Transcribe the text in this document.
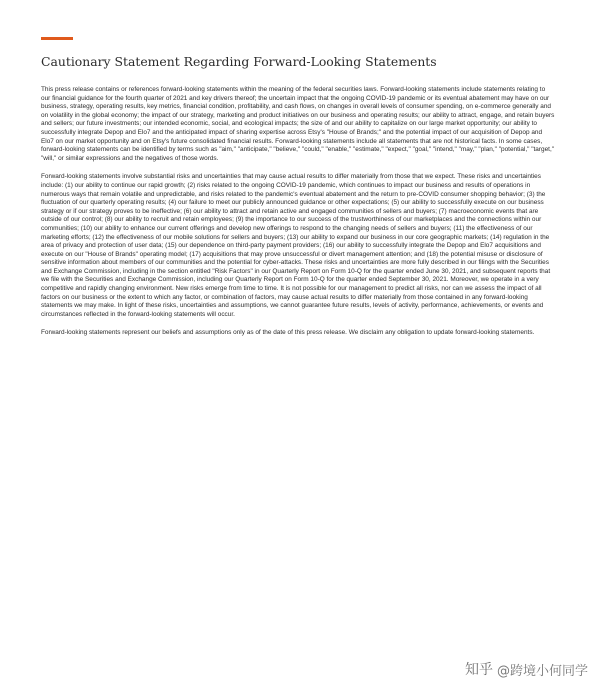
Cautionary Statement Regarding Forward-Looking Statements

This press release contains or references forward-looking statements within the meaning of the federal securities laws. Forward-looking statements include statements relating to our financial guidance for the fourth quarter of 2021 and key drivers thereof; the uncertain impact that the ongoing COVID-19 pandemic or its eventual abatement may have on our business, strategy, operating results, key metrics, financial condition, profitability, and cash flows, on changes in overall levels of consumer spending, on e-commerce generally and on volatility in the global economy; the impact of our strategy, marketing and product initiatives on our business and operating results; our ability to attract, engage, and retain buyers and sellers; our future investments; our intended economic, social, and ecological impacts; the size of and our ability to capitalize on our large market opportunity; our ability to successfully integrate Depop and Elo7 and the anticipated impact of sharing expertise across Etsy's "House of Brands;" and the potential impact of our acquisition of Depop and Elo7 on our market opportunity and on Etsy's future consolidated financial results. Forward-looking statements include all statements that are not historical facts. In some cases, forward-looking statements can be identified by terms such as "aim," "anticipate," "believe," "could," "enable," "estimate," "expect," "goal," "intend," "may," "plan," "potential," "target," "will," or similar expressions and the negatives of those words.

Forward-looking statements involve substantial risks and uncertainties that may cause actual results to differ materially from those that we expect. These risks and uncertainties include: (1) our ability to continue our rapid growth; (2) risks related to the ongoing COVID-19 pandemic, which continues to impact our business and results of operations in numerous ways that remain volatile and unpredictable, and risks related to the pandemic's eventual abatement and the return to pre-COVID consumer shopping behavior; (3) the fluctuation of our quarterly operating results; (4) our failure to meet our publicly announced guidance or other expectations; (5) our ability to successfully execute on our business strategy or if our strategy proves to be ineffective; (6) our ability to attract and retain active and engaged communities of sellers and buyers; (7) macroeconomic events that are outside of our control; (8) our ability to recruit and retain employees; (9) the importance to our success of the trustworthiness of our marketplaces and the connections within our communities; (10) our ability to enhance our current offerings and develop new offerings to respond to the changing needs of sellers and buyers; (11) the effectiveness of our marketing efforts; (12) the effectiveness of our mobile solutions for sellers and buyers; (13) our ability to expand our business in our core geographic markets; (14) regulation in the area of privacy and protection of user data; (15) our dependence on third-party payment providers; (16) our ability to successfully integrate the Depop and Elo7 acquisitions and execute on our "House of Brands" operating model; (17) acquisitions that may prove unsuccessful or divert management attention; and (18) the potential misuse or disclosure of sensitive information about members of our communities and the potential for cyber-attacks. These risks and uncertainties are more fully described in our filings with the Securities and Exchange Commission, including in the section entitled "Risk Factors" in our Quarterly Report on Form 10-Q for the quarter ended June 30, 2021, and subsequent reports that we file with the Securities and Exchange Commission, including our Quarterly Report on Form 10-Q for the quarter ended September 30, 2021. Moreover, we operate in a very competitive and rapidly changing environment. New risks emerge from time to time. It is not possible for our management to predict all risks, nor can we assess the impact of all factors on our business or the extent to which any factor, or combination of factors, may cause actual results to differ materially from those contained in any forward-looking statements we may make. In light of these risks, uncertainties and assumptions, we cannot guarantee future results, levels of activity, performance, achievements, or events and circumstances reflected in the forward-looking statements will occur.

Forward-looking statements represent our beliefs and assumptions only as of the date of this press release. We disclaim any obligation to update forward-looking statements.

知乎 @跨境小何同学
